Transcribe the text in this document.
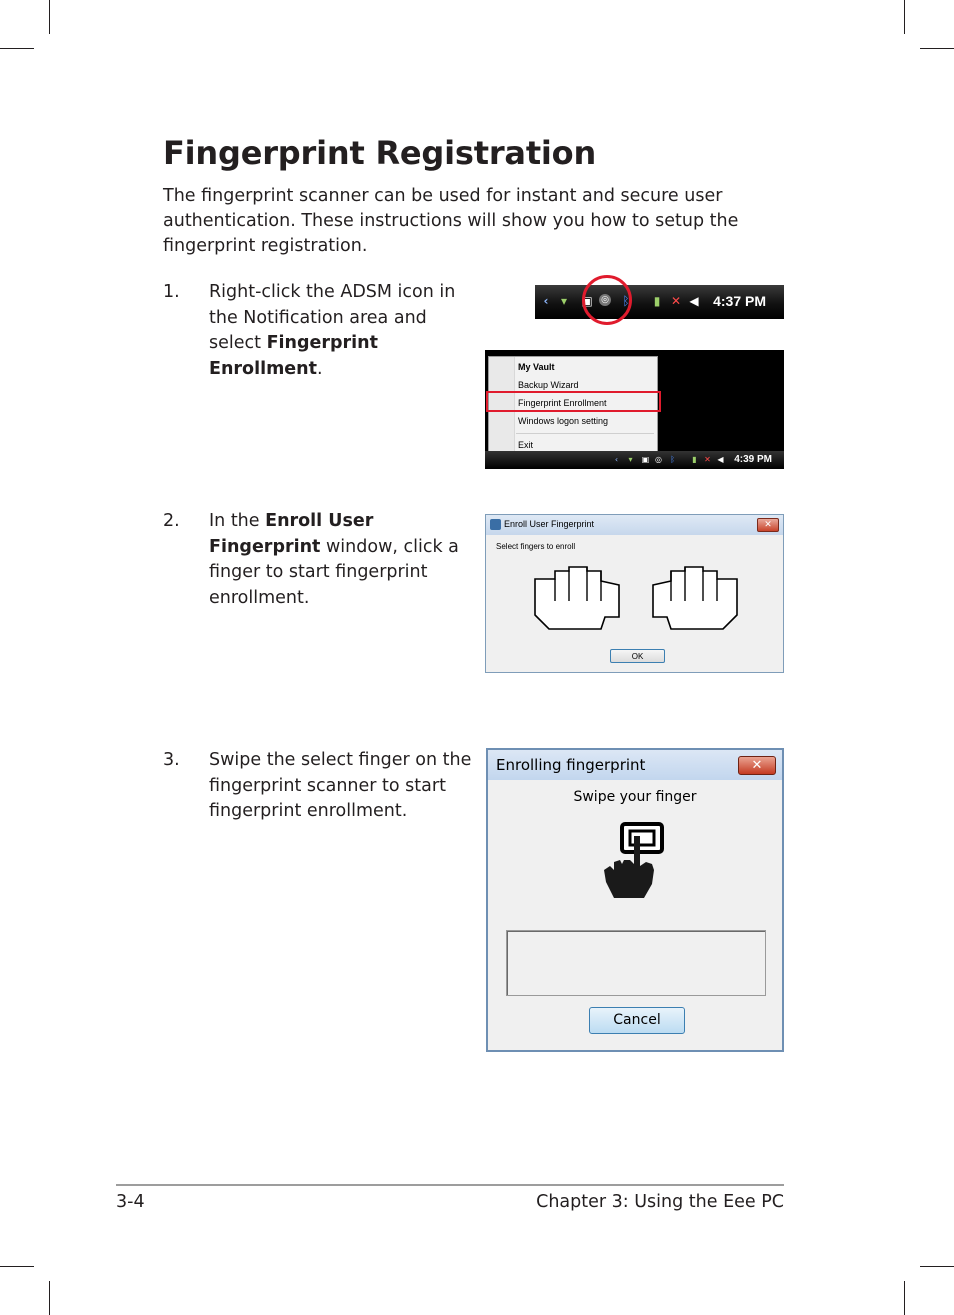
Fingerprint Registration

The fingerprint scanner can be used for instant and secure user authentication. These instructions will show you how to setup the fingerprint registration.

1. Right-click the ADSM icon in the Notification area and select Fingerprint Enrollment.
2. In the Enroll User Fingerprint window, click a finger to start fingerprint enrollment.
3. Swipe the select finger on the fingerprint scanner to start fingerprint enrollment.
‹	▾	▣ ◎ ᛒ	▮ ✕ ◀ 4:37 PM
My Vault
Backup Wizard
Fingerprint Enrollment
Windows logon setting
Exit
‹	▾	▣ ◎ ᛒ ▮ ✕ ◀ 4:39 PM
Enroll User Fingerprint	✕
Select fingers to enroll
OK
Enrolling fingerprint	✕
Swipe your finger
Cancel
3-4	Chapter 3: Using the Eee PC
